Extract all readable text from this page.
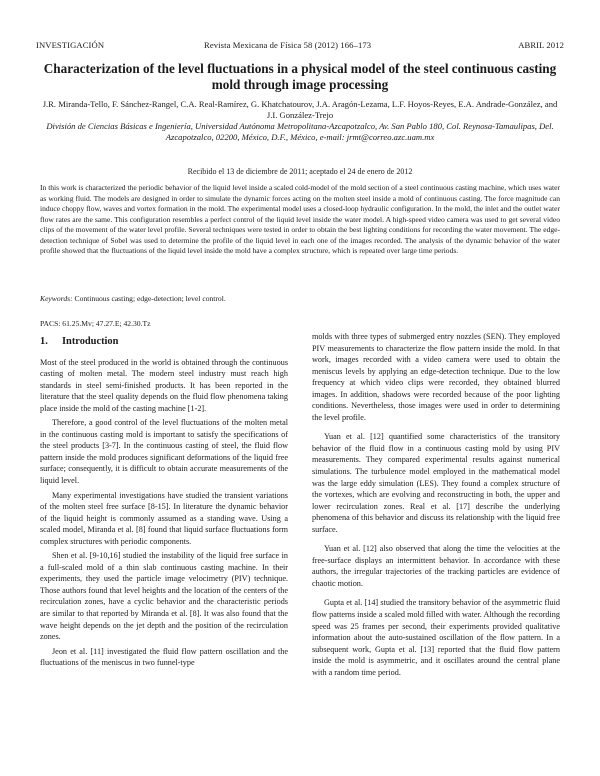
INVESTIGACIÓN	Revista Mexicana de Física 58 (2012) 166–173	ABRIL 2012
Characterization of the level fluctuations in a physical model of the steel continuous casting mold through image processing
J.R. Miranda-Tello, F. Sánchez-Rangel, C.A. Real-Ramírez, G. Khatchatourov, J.A. Aragón-Lezama, L.F. Hoyos-Reyes, E.A. Andrade-González, and J.I. González-Trejo
División de Ciencias Básicas e Ingeniería, Universidad Autónoma Metropolitana-Azcapotzalco, Av. San Pablo 180, Col. Reynosa-Tamaulipas, Del. Azcapotzalco, 02200, México, D.F., México, e-mail: jrmt@correo.azc.uam.mx
Recibido el 13 de diciembre de 2011; aceptado el 24 de enero de 2012
In this work is characterized the periodic behavior of the liquid level inside a scaled cold-model of the mold section of a steel continuous casting machine, which uses water as working fluid. The models are designed in order to simulate the dynamic forces acting on the molten steel inside a mold of continuous casting. The force magnitude can induce choppy flow, waves and vortex formation in the mold. The experimental model uses a closed-loop hydraulic configuration. In the mold, the inlet and the outlet water flow rates are the same. This configuration resembles a perfect control of the liquid level inside the water model. A high-speed video camera was used to get several video clips of the movement of the water level profile. Several techniques were tested in order to obtain the best lighting conditions for recording the water movement. The edge-detection technique of Sobel was used to determine the profile of the liquid level in each one of the images recorded. The analysis of the dynamic behavior of the water profile showed that the fluctuations of the liquid level inside the mold have a complex structure, which is repeated over large time periods.
Keywords: Continuous casting; edge-detection; level control.
PACS: 61.25.Mv; 47.27.E; 42.30.Tz
1. Introduction

Most of the steel produced in the world is obtained through the continuous casting of molten metal. The modern steel industry must reach high standards in steel semi-finished products. It has been reported in the literature that the steel quality depends on the fluid flow phenomena taking place inside the mold of the casting machine [1-2].

Therefore, a good control of the level fluctuations of the molten metal in the continuous casting mold is important to satisfy the specifications of the steel products [3-7]. In the continuous casting of steel, the fluid flow pattern inside the mold produces significant deformations of the liquid free surface; consequently, it is difficult to obtain accurate measurements of the liquid level.

Many experimental investigations have studied the transient variations of the molten steel free surface [8-15]. In literature the dynamic behavior of the liquid height is commonly assumed as a standing wave. Using a scaled model, Miranda et al. [8] found that liquid surface fluctuations form complex structures with periodic components.

Shen et al. [9-10,16] studied the instability of the liquid free surface in a full-scaled mold of a thin slab continuous casting machine. In their experiments, they used the particle image velocimetry (PIV) technique. Those authors found that level heights and the location of the centers of the recirculation zones, have a cyclic behavior and the characteristic periods are similar to that reported by Miranda et al. [8]. It was also found that the wave height depends on the jet depth and the position of the recirculation zones.

Jeon et al. [11] investigated the fluid flow pattern oscillation and the fluctuations of the meniscus in two funnel-type

molds with three types of submerged entry nozzles (SEN). They employed PIV measurements to characterize the flow pattern inside the mold. In that work, images recorded with a video camera were used to obtain the meniscus levels by applying an edge-detection technique. Due to the low frequency at which video clips were recorded, they obtained blurred images. In addition, shadows were recorded because of the poor lighting conditions. Nevertheless, those images were used in order to determining the level profile.

Yuan et al. [12] quantified some characteristics of the transitory behavior of the fluid flow in a continuous casting mold by using PIV measurements. They compared experimental results against numerical simulations. The turbulence model employed in the mathematical model was the large eddy simulation (LES). They found a complex structure of the vortexes, which are evolving and reconstructing in both, the upper and lower recirculation zones. Real et al. [17] describe the underlying phenomena of this behavior and discuss its relationship with the liquid free surface.

Yuan et al. [12] also observed that along the time the velocities at the free-surface displays an intermittent behavior. In accordance with these authors, the irregular trajectories of the tracking particles are evidence of chaotic motion.

Gupta et al. [14] studied the transitory behavior of the asymmetric fluid flow patterns inside a scaled mold filled with water. Although the recording speed was 25 frames per second, their experiments provided qualitative information about the auto-sustained oscillation of the flow pattern. In a subsequent work, Gupta et al. [13] reported that the fluid flow pattern inside the mold is asymmetric, and it oscillates around the central plane with a random time period.
